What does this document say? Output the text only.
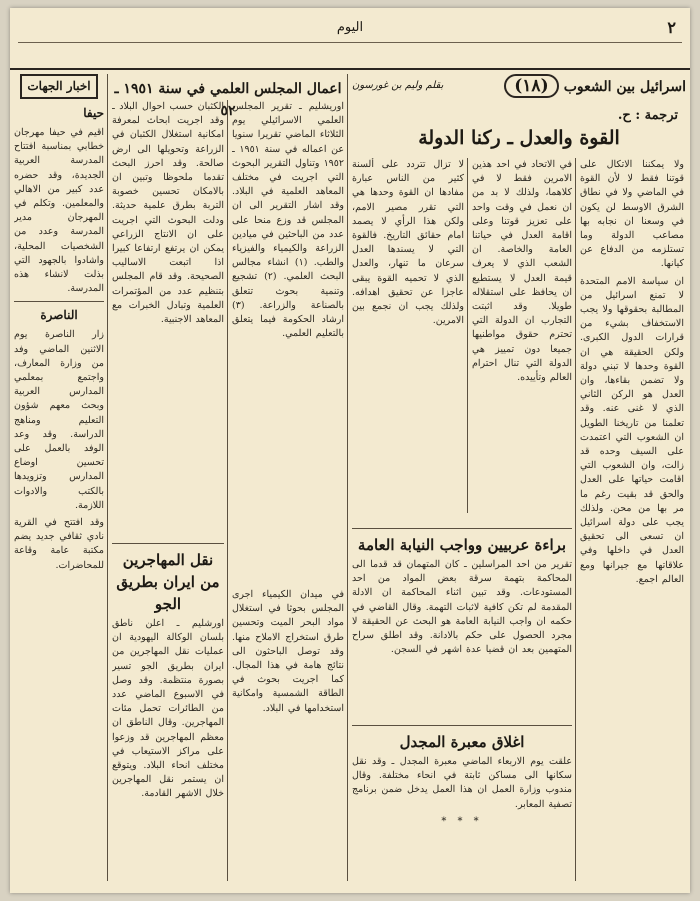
٢
اليوم
اسرائيل بين الشعوب (١٨)
بقلم وليم بن غورسون
ولا يمكننا الاتكال على قوتنا فقط لا لأن القوة في الماضي ولا في نطاق الشرق الاوسط لن يكون في وسعنا ان نجابه بها مصاعب الدولة وما تستلزمه من الدفاع عن كيانها.
ان سياسة الامم المتحدة لا تمنع اسرائيل من المطالبة بحقوقها ولا يجب الاستخفاف بشيء من قرارات الدول الكبرى. ولكن الحقيقة هي ان القوة وحدها لا تبني دولة ولا تضمن بقاءها، وان العدل هو الركن الثاني الذي لا غنى عنه. وقد تعلمنا من تاريخنا الطويل ان الشعوب التي اعتمدت على السيف وحده قد زالت، وان الشعوب التي اقامت حياتها على العدل والحق قد بقيت رغم ما مر بها من محن. ولذلك يجب على دولة اسرائيل ان تسعى الى تحقيق العدل في داخلها وفي علاقاتها مع جيرانها ومع العالم اجمع.
في الاتحاد في احد هذين الامرين فقط لا في كلاهما، ولذلك لا بد من ان نعمل في وقت واحد على تعزيز قوتنا وعلى اقامة العدل في حياتنا العامة والخاصة. ان الشعب الذي لا يعرف قيمة العدل لا يستطيع ان يحافظ على استقلاله طويلا. وقد اثبتت التجارب ان الدولة التي تحترم حقوق مواطنيها جميعا دون تمييز هي الدولة التي تنال احترام العالم وتأييده.
ترجمة : ح.
القوة والعدل ـ ركنا الدولة
لا تزال تتردد على ألسنة كثير من الناس عبارة مفادها ان القوة وحدها هي التي تقرر مصير الامم، ولكن هذا الرأي لا يصمد امام حقائق التاريخ. فالقوة التي لا يسندها العدل سرعان ما تنهار، والعدل الذي لا تحميه القوة يبقى عاجزا عن تحقيق اهدافه. ولذلك يجب ان نجمع بين الامرين.
براءة عربيين وواجب النيابة العامة
تقرير من احد المراسلين ـ كان المتهمان قد قدما الى المحاكمة بتهمة سرقة بعض المواد من احد المستودعات. وقد تبين اثناء المحاكمة ان الادلة المقدمة لم تكن كافية لاثبات التهمة. وقال القاضي في حكمه ان واجب النيابة العامة هو البحث عن الحقيقة لا مجرد الحصول على حكم بالادانة. وقد اطلق سراح المتهمين بعد ان قضيا عدة اشهر في السجن.
اغلاق معبرة المجدل
علقت يوم الاربعاء الماضي معبرة المجدل ـ وقد نقل سكانها الى مساكن ثابتة في انحاء مختلفة. وقال مندوب وزارة العمل ان هذا العمل يدخل ضمن برنامج تصفية المعابر.
* * *
اعمال المجلس العلمي في سنة ١٩٥١ ـ ٥٢
اوريشليم ـ تقرير المجلس العلمي الاسرائيلي يوم الثلاثاء الماضي تقريرا سنويا عن اعماله في سنة ١٩٥١ ـ ١٩٥٢ وتناول التقرير البحوث التي اجريت في مختلف المعاهد العلمية في البلاد. وقد اشار التقرير الى ان المجلس قد وزع منحا على عدد من الباحثين في ميادين الزراعة والكيمياء والفيزياء والطب. (١) انشاء مجالس البحث العلمي. (٢) تشجيع وتنمية بحوث تتعلق بالصناعة والزراعة. (٣) ارشاد الحكومة فيما يتعلق بالتعليم العلمي.
الكثبان حسب احوال البلاد ـ وقد اجريت ابحاث لمعرفة امكانية استغلال الكثبان في الزراعة وتحويلها الى ارض صالحة. وقد احرز البحث تقدما ملحوظا وتبين ان بالامكان تحسين خصوبة التربة بطرق علمية حديثة. ودلت البحوث التي اجريت على ان الانتاج الزراعي يمكن ان يرتفع ارتفاعا كبيرا اذا اتبعت الاساليب الصحيحة. وقد قام المجلس بتنظيم عدد من المؤتمرات العلمية وتبادل الخبرات مع المعاهد الاجنبية.
نقل المهاجرين من ايران بطريق الجو
اورشليم ـ اعلن ناطق بلسان الوكالة اليهودية ان عمليات نقل المهاجرين من ايران بطريق الجو تسير بصورة منتظمة. وقد وصل في الاسبوع الماضي عدد من الطائرات تحمل مئات المهاجرين. وقال الناطق ان معظم المهاجرين قد وزعوا على مراكز الاستيعاب في مختلف انحاء البلاد. ويتوقع ان يستمر نقل المهاجرين خلال الاشهر القادمة.
في ميدان الكيمياء اجرى المجلس بحوثا في استغلال مواد البحر الميت وتحسين طرق استخراج الاملاح منها. وقد توصل الباحثون الى نتائج هامة في هذا المجال. كما اجريت بحوث في الطاقة الشمسية وامكانية استخدامها في البلاد.
اخبار الجهات
حيفا
اقيم في حيفا مهرجان خطابي بمناسبة افتتاح المدرسة العربية الجديدة، وقد حضره عدد كبير من الاهالي والمعلمين. وتكلم في المهرجان مدير المدرسة وعدد من الشخصيات المحلية، واشادوا بالجهود التي بذلت لانشاء هذه المدرسة.
الناصرة
زار الناصرة يوم الاثنين الماضي وفد من وزارة المعارف، واجتمع بمعلمي المدارس العربية وبحث معهم شؤون التعليم ومناهج الدراسة. وقد وعد الوفد بالعمل على تحسين اوضاع المدارس وتزويدها بالكتب والادوات اللازمة.
وقد افتتح في القرية نادي ثقافي جديد يضم مكتبة عامة وقاعة للمحاضرات.
